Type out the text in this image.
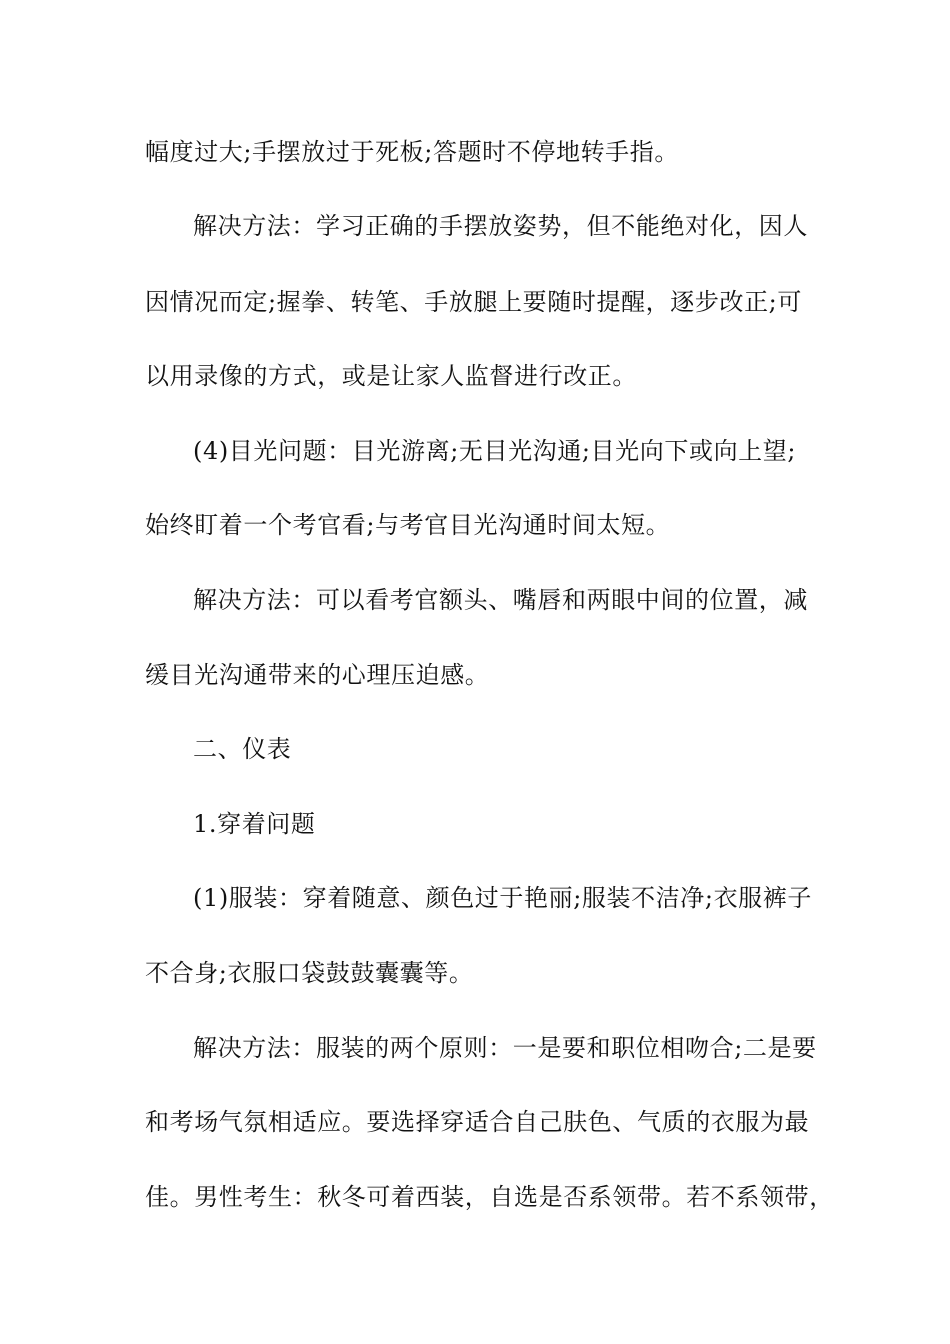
幅度过大;手摆放过于死板;答题时不停地转手指。
解决方法：学习正确的手摆放姿势，但不能绝对化，因人
因情况而定;握拳、转笔、手放腿上要随时提醒，逐步改正;可
以用录像的方式，或是让家人监督进行改正。
(4)目光问题：目光游离;无目光沟通;目光向下或向上望;
始终盯着一个考官看;与考官目光沟通时间太短。
解决方法：可以看考官额头、嘴唇和两眼中间的位置，减
缓目光沟通带来的心理压迫感。
二、仪表
1.穿着问题
(1)服装：穿着随意、颜色过于艳丽;服装不洁净;衣服裤子
不合身;衣服口袋鼓鼓囊囊等。
解决方法：服装的两个原则：一是要和职位相吻合;二是要
和考场气氛相适应。要选择穿适合自己肤色、气质的衣服为最
佳。男性考生：秋冬可着西装，自选是否系领带。若不系领带，
